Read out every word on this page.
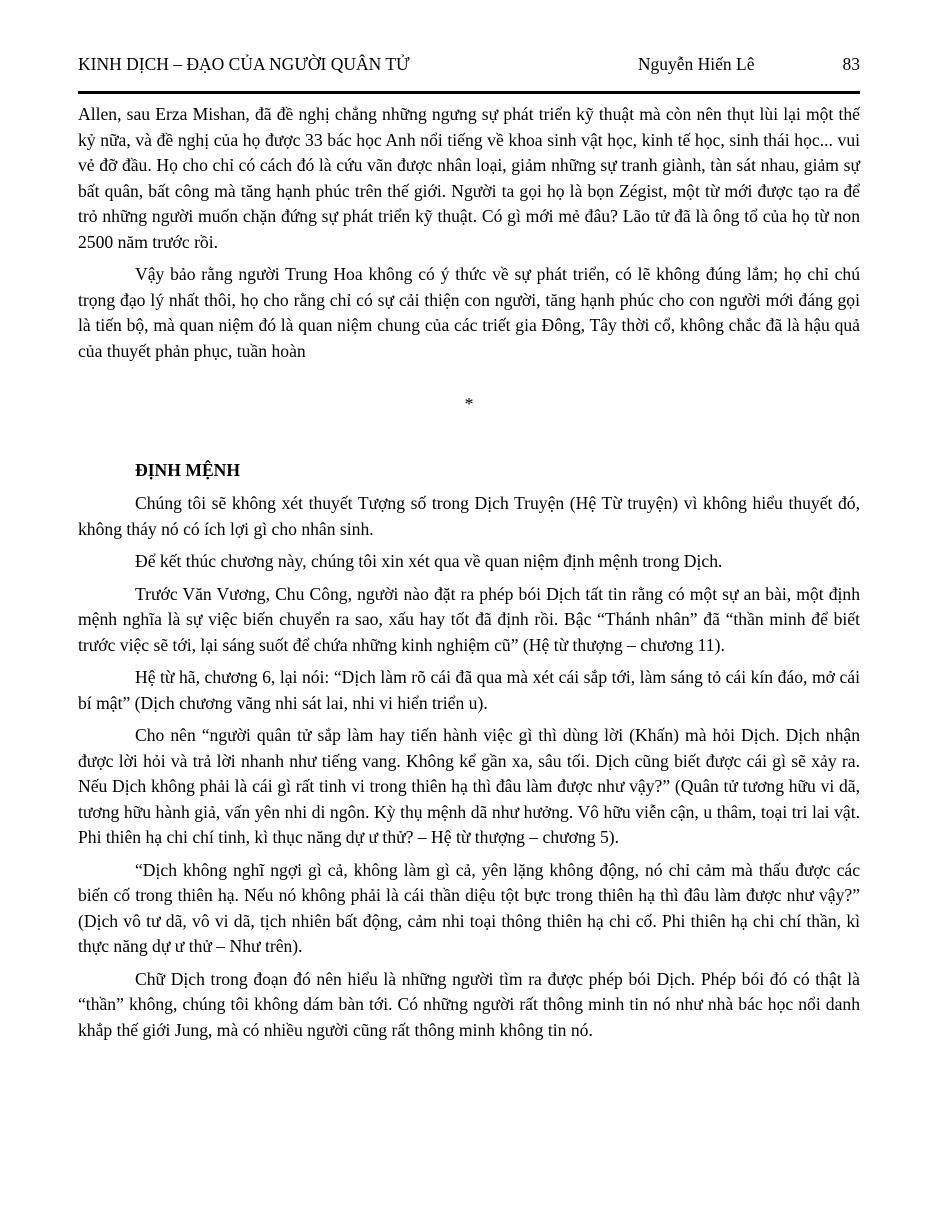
KINH DỊCH – ĐẠO CỦA NGƯỜI QUÂN TỬ	Nguyễn Hiến Lê	83

Allen, sau Erza Mishan, đã đề nghị chẳng những ngưng sự phát triển kỹ thuật mà còn nên thụt lùi lại một thế kỷ nữa, và đề nghị của họ được 33 bác học Anh nổi tiếng về khoa sinh vật học, kinh tế học, sinh thái học... vui vẻ đỡ đầu. Họ cho chỉ có cách đó là cứu vãn được nhân loại, giảm những sự tranh giành, tàn sát nhau, giảm sự bất quân, bất công mà tăng hạnh phúc trên thế giới. Người ta gọi họ là bọn Zégist, một từ mới được tạo ra để trỏ những người muốn chặn đứng sự phát triển kỹ thuật. Có gì mới mẻ đâu? Lão tử đã là ông tổ của họ từ non 2500 năm trước rồi.

Vậy bảo rằng người Trung Hoa không có ý thức về sự phát triển, có lẽ không đúng lắm; họ chỉ chú trọng đạo lý nhất thôi, họ cho rằng chỉ có sự cải thiện con người, tăng hạnh phúc cho con người mới đáng gọi là tiến bộ, mà quan niệm đó là quan niệm chung của các triết gia Đông, Tây thời cổ, không chắc đã là hậu quả của thuyết phản phục, tuần hoàn

*
ĐỊNH MỆNH

Chúng tôi sẽ không xét thuyết Tượng số trong Dịch Truyện (Hệ Từ truyện) vì không hiểu thuyết đó, không tháy nó có ích lợi gì cho nhân sinh.

Để kết thúc chương này, chúng tôi xin xét qua về quan niệm định mệnh trong Dịch.

Trước Văn Vương, Chu Công, người nào đặt ra phép bói Dịch tất tin rằng có một sự an bài, một định mệnh nghĩa là sự việc biến chuyển ra sao, xấu hay tốt đã định rồi. Bậc “Thánh nhân” đã “thần minh để biết trước việc sẽ tới, lại sáng suốt để chứa những kinh nghiệm cũ” (Hệ từ thượng – chương 11).

Hệ từ hã, chương 6, lại nói: “Dịch làm rõ cái đã qua mà xét cái sắp tới, làm sáng tỏ cái kín đáo, mở cái bí mật” (Dịch chương vãng nhi sát lai, nhi vi hiển triển u).

Cho nên “người quân tử sắp làm hay tiến hành việc gì thì dùng lời (Khấn) mà hỏi Dịch. Dịch nhận được lời hỏi và trả lời nhanh như tiếng vang. Không kể gần xa, sâu tối. Dịch cũng biết được cái gì sẽ xảy ra. Nếu Dịch không phải là cái gì rất tinh vi trong thiên hạ thì đâu làm được như vậy?” (Quân tử tương hữu vi dã, tương hữu hành giả, vấn yên nhi di ngôn. Kỳ thụ mệnh dã như hưởng. Vô hữu viễn cận, u thâm, toại tri lai vật. Phi thiên hạ chi chí tinh, kì thục năng dự ư thử? – Hệ từ thượng – chương 5).

“Dịch không nghĩ ngợi gì cả, không làm gì cả, yên lặng không động, nó chỉ cảm mà thấu được các biến cố trong thiên hạ. Nếu nó không phải là cái thần diệu tột bực trong thiên hạ thì đâu làm được như vậy?” (Dịch vô tư dã, vô vi dã, tịch nhiên bất động, cảm nhi toại thông thiên hạ chi cố. Phi thiên hạ chi chí thần, kì thực năng dự ư thử – Như trên).

Chữ Dịch trong đoạn đó nên hiểu là những người tìm ra được phép bói Dịch. Phép bói đó có thật là “thần” không, chúng tôi không dám bàn tới. Có những người rất thông minh tin nó như nhà bác học nổi danh khắp thế giới Jung, mà có nhiều người cũng rất thông minh không tin nó.
